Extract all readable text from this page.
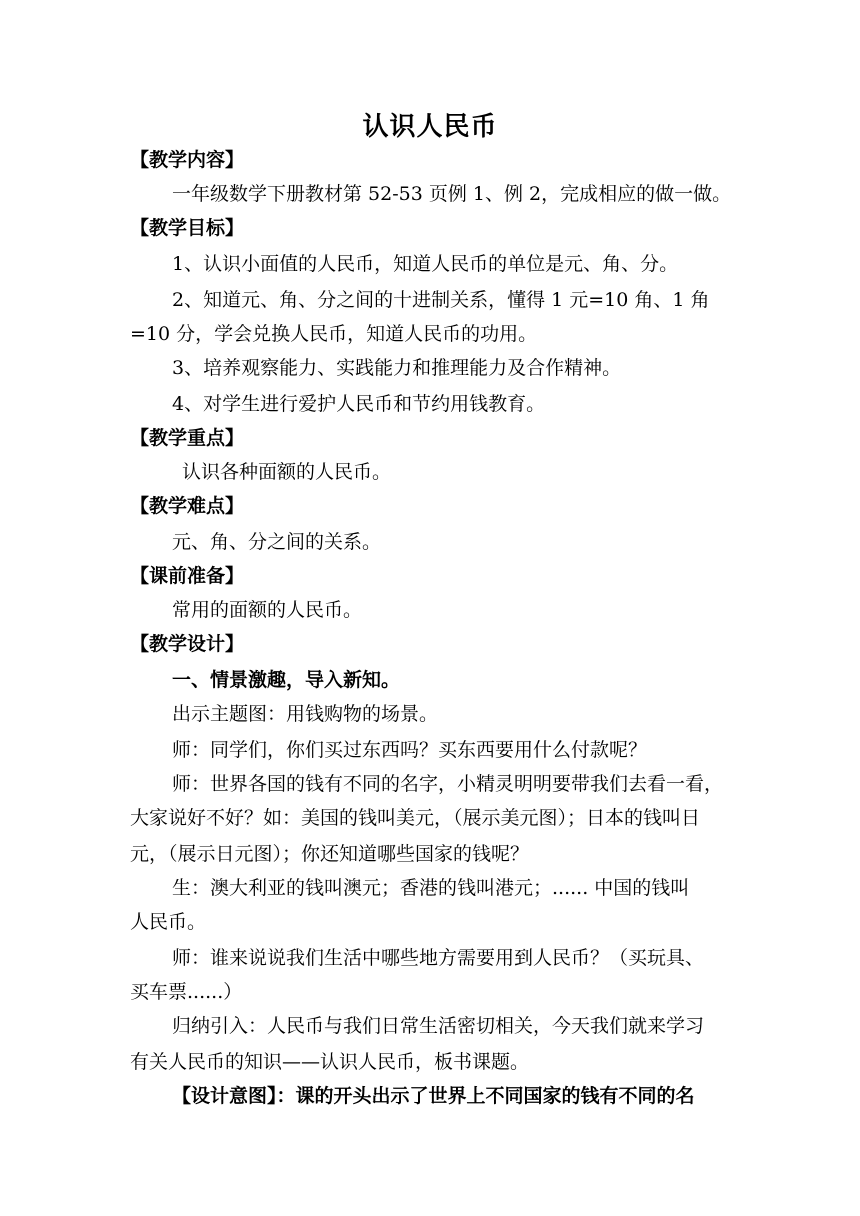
认识人民币
【教学内容】
一年级数学下册教材第 52-53 页例 1、例 2，完成相应的做一做。
【教学目标】
1、认识小面值的人民币，知道人民币的单位是元、角、分。
2、知道元、角、分之间的十进制关系，懂得 1 元=10 角、1 角
=10 分，学会兑换人民币，知道人民币的功用。
3、培养观察能力、实践能力和推理能力及合作精神。
4、对学生进行爱护人民币和节约用钱教育。
【教学重点】
认识各种面额的人民币。
【教学难点】
元、角、分之间的关系。
【课前准备】
常用的面额的人民币。
【教学设计】
一、情景激趣，导入新知。
出示主题图：用钱购物的场景。
师：同学们，你们买过东西吗？买东西要用什么付款呢？
师：世界各国的钱有不同的名字，小精灵明明要带我们去看一看，
大家说好不好？如：美国的钱叫美元，（展示美元图）；日本的钱叫日
元，（展示日元图）；你还知道哪些国家的钱呢？
生：澳大利亚的钱叫澳元；香港的钱叫港元；...... 中国的钱叫
人民币。
师：谁来说说我们生活中哪些地方需要用到人民币？（买玩具、
买车票......）
归纳引入：人民币与我们日常生活密切相关，今天我们就来学习
有关人民币的知识——认识人民币，板书课题。
【设计意图】：课的开头出示了世界上不同国家的钱有不同的名
